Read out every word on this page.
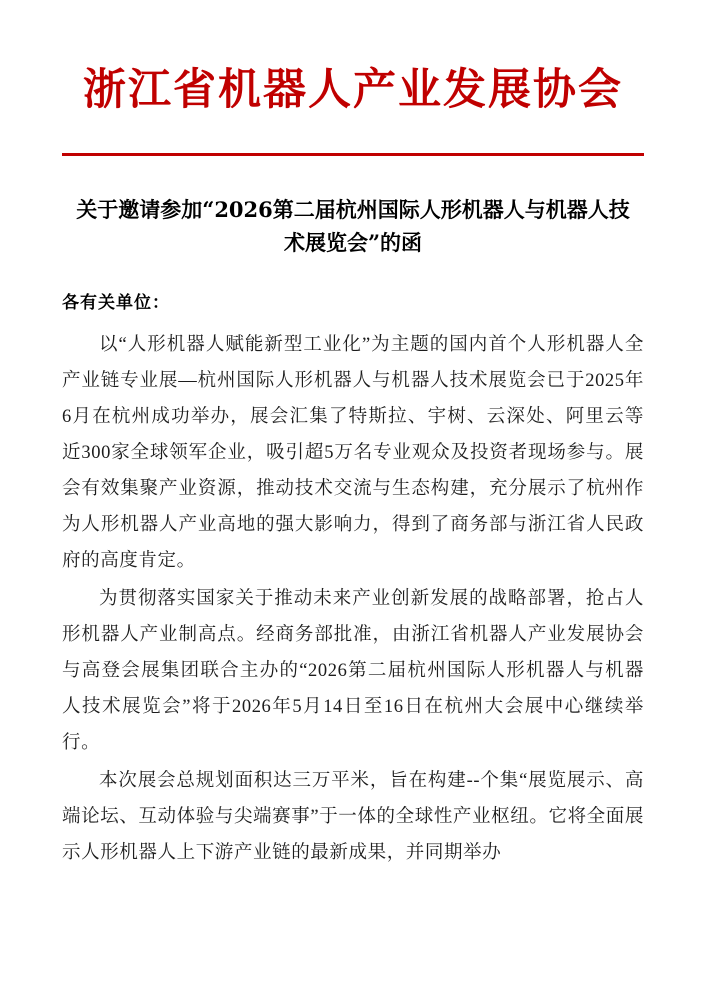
浙江省机器人产业发展协会
关于邀请参加“2026第二届杭州国际人形机器人与机器人技术展览会”的函
各有关单位：

以“人形机器人赋能新型工业化”为主题的国内首个人形机器人全产业链专业展—杭州国际人形机器人与机器人技术展览会已于2025年6月在杭州成功举办，展会汇集了特斯拉、宇树、云深处、阿里云等近300家全球领军企业，吸引超5万名专业观众及投资者现场参与。展会有效集聚产业资源，推动技术交流与生态构建，充分展示了杭州作为人形机器人产业高地的强大影响力，得到了商务部与浙江省人民政府的高度肯定。

为贯彻落实国家关于推动未来产业创新发展的战略部署，抢占人形机器人产业制高点。经商务部批准，由浙江省机器人产业发展协会与高登会展集团联合主办的“2026第二届杭州国际人形机器人与机器人技术展览会”将于2026年5月14日至16日在杭州大会展中心继续举行。

本次展会总规划面积达三万平米，旨在构建--个集“展览展示、高端论坛、互动体验与尖端赛事”于一体的全球性产业枢纽。它将全面展示人形机器人上下游产业链的最新成果，并同期举办
